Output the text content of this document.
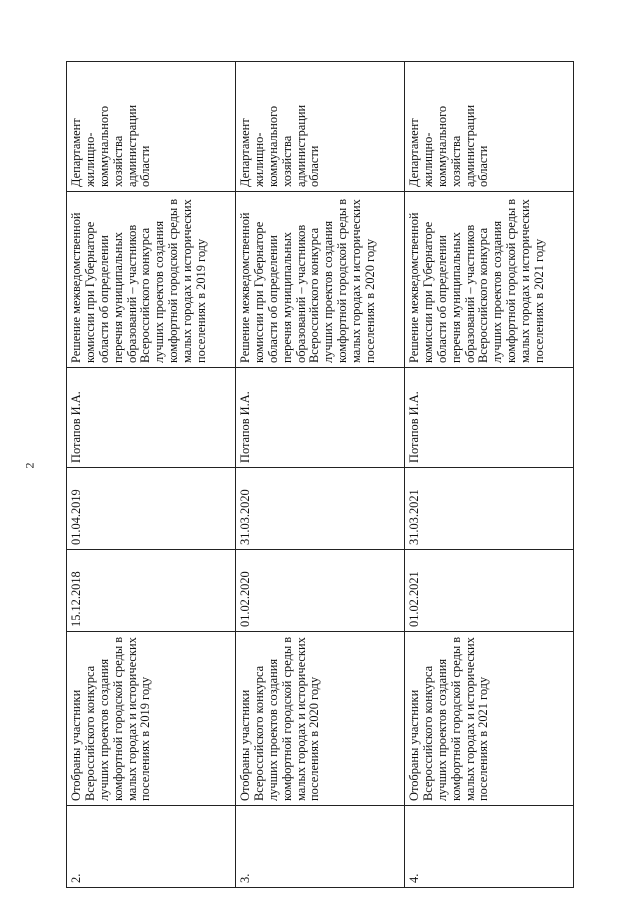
2
2.	Отобраны участники Всероссийского конкурса лучших проектов создания комфортной городской среды в малых городах и исторических поселениях в 2019 году	15.12.2018	01.04.2019	Потапов И.А.	Решение межведомственной комиссии при Губернаторе области об определении перечня муниципальных образований – участников Всероссийского конкурса лучших проектов создания комфортной городской среды в малых городах и исторических поселениях в 2019 году	Департамент жилищно-коммунального хозяйства администрации области
3.	Отобраны участники Всероссийского конкурса лучших проектов создания комфортной городской среды в малых городах и исторических поселениях в 2020 году	01.02.2020	31.03.2020	Потапов И.А.	Решение межведомственной комиссии при Губернаторе области об определении перечня муниципальных образований – участников Всероссийского конкурса лучших проектов создания комфортной городской среды в малых городах и исторических поселениях в 2020 году	Департамент жилищно-коммунального хозяйства администрации области
4.	Отобраны участники Всероссийского конкурса лучших проектов создания комфортной городской среды в малых городах и исторических поселениях в 2021 году	01.02.2021	31.03.2021	Потапов И.А.	Решение межведомственной комиссии при Губернаторе области об определении перечня муниципальных образований – участников Всероссийского конкурса лучших проектов создания комфортной городской среды в малых городах и исторических поселениях в 2021 году	Департамент жилищно-коммунального хозяйства администрации области
